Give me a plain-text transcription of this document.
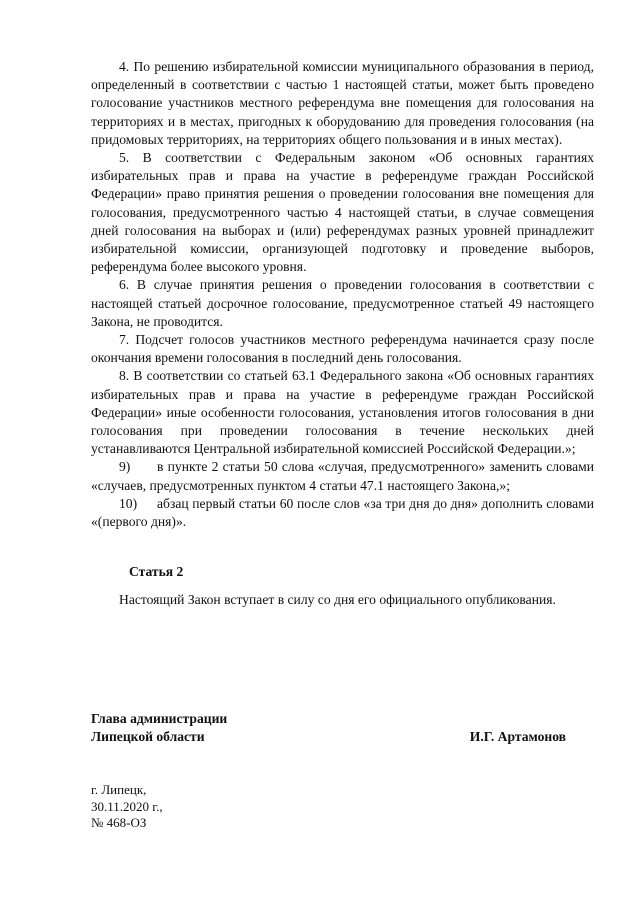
4. По решению избирательной комиссии муниципального образования в период, определенный в соответствии с частью 1 настоящей статьи, может быть проведено голосование участников местного референдума вне помещения для голосования на территориях и в местах, пригодных к оборудованию для проведения голосования (на придомовых территориях, на территориях общего пользования и в иных местах).

5. В соответствии с Федеральным законом «Об основных гарантиях избирательных прав и права на участие в референдуме граждан Российской Федерации» право принятия решения о проведении голосования вне помещения для голосования, предусмотренного частью 4 настоящей статьи, в случае совмещения дней голосования на выборах и (или) референдумах разных уровней принадлежит избирательной комиссии, организующей подготовку и проведение выборов, референдума более высокого уровня.

6. В случае принятия решения о проведении голосования в соответствии с настоящей статьей досрочное голосование, предусмотренное статьей 49 настоящего Закона, не проводится.

7. Подсчет голосов участников местного референдума начинается сразу после окончания времени голосования в последний день голосования.

8. В соответствии со статьей 63.1 Федерального закона «Об основных гарантиях избирательных прав и права на участие в референдуме граждан Российской Федерации» иные особенности голосования, установления итогов голосования в дни голосования при проведении голосования в течение нескольких дней устанавливаются Центральной избирательной комиссией Российской Федерации.»;

9) в пункте 2 статьи 50 слова «случая, предусмотренного» заменить словами «случаев, предусмотренных пунктом 4 статьи 47.1 настоящего Закона,»;

10) абзац первый статьи 60 после слов «за три дня до дня» дополнить словами «(первого дня)».

Статья 2

Настоящий Закон вступает в силу со дня его официального опубликования.

Глава администрации
Липецкой области	И.Г. Артамонов
г. Липецк,
30.11.2020 г.,
№ 468-ОЗ
